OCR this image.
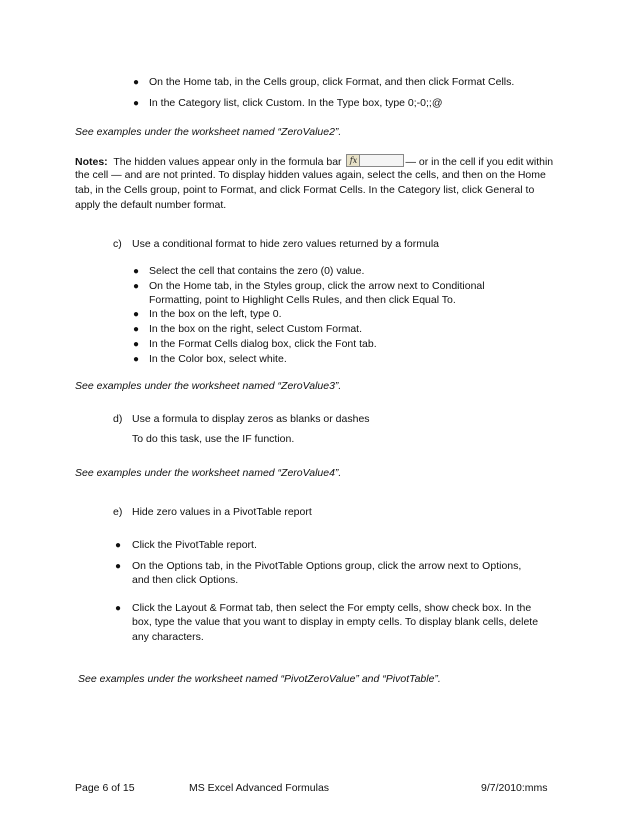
● On the Home tab, in the Cells group, click Format, and then click Format Cells.
● In the Category list, click Custom. In the Type box, type 0;-0;;@
See examples under the worksheet named “ZeroValue2”.
Notes: The hidden values appear only in the formula bar fx	— or in the cell if you edit within
the cell — and are not printed. To display hidden values again, select the cells, and then on the Home
tab, in the Cells group, point to Format, and click Format Cells. In the Category list, click General to
apply the default number format.
c) Use a conditional format to hide zero values returned by a formula
● Select the cell that contains the zero (0) value.
● On the Home tab, in the Styles group, click the arrow next to Conditional
Formatting, point to Highlight Cells Rules, and then click Equal To.
● In the box on the left, type 0.
● In the box on the right, select Custom Format.
● In the Format Cells dialog box, click the Font tab.
● In the Color box, select white.
See examples under the worksheet named “ZeroValue3”.
d) Use a formula to display zeros as blanks or dashes
To do this task, use the IF function.
See examples under the worksheet named “ZeroValue4”.
e) Hide zero values in a PivotTable report
● Click the PivotTable report.
● On the Options tab, in the PivotTable Options group, click the arrow next to Options,
and then click Options.
● Click the Layout & Format tab, then select the For empty cells, show check box. In the
box, type the value that you want to display in empty cells. To display blank cells, delete
any characters.
See examples under the worksheet named “PivotZeroValue” and “PivotTable”.
Page 6 of 15	MS Excel Advanced Formulas	9/7/2010:mms
